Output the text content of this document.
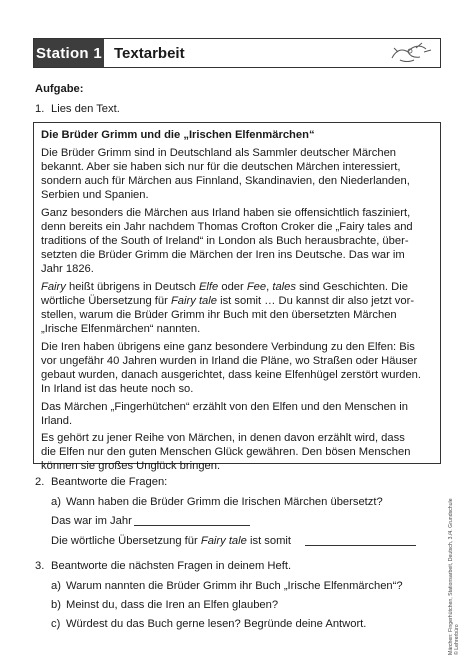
Station 1 Textarbeit
Aufgabe:
1. Lies den Text.
Die Brüder Grimm und die „Irischen Elfenmärchen“
Die Brüder Grimm sind in Deutschland als Sammler deutscher Märchen
bekannt. Aber sie haben sich nur für die deutschen Märchen interessiert,
sondern auch für Märchen aus Finnland, Skandinavien, den Niederlanden,
Serbien und Spanien.
Ganz besonders die Märchen aus Irland haben sie offensichtlich fasziniert,
denn bereits ein Jahr nachdem Thomas Crofton Croker die „Fairy tales and
traditions of the South of Ireland“ in London als Buch herausbrachte, über-
setzten die Brüder Grimm die Märchen der Iren ins Deutsche. Das war im
Jahr 1826.
Fairy heißt übrigens in Deutsch Elfe oder Fee, tales sind Geschichten. Die
wörtliche Übersetzung für Fairy tale ist somit … Du kannst dir also jetzt vor-
stellen, warum die Brüder Grimm ihr Buch mit den übersetzten Märchen
„Irische Elfenmärchen“ nannten.
Die Iren haben übrigens eine ganz besondere Verbindung zu den Elfen: Bis
vor ungefähr 40 Jahren wurden in Irland die Pläne, wo Straßen oder Häuser
gebaut wurden, danach ausgerichtet, dass keine Elfenhügel zerstört wurden.
In Irland ist das heute noch so.
Das Märchen „Fingerhütchen“ erzählt von den Elfen und den Menschen in
Irland.
Es gehört zu jener Reihe von Märchen, in denen davon erzählt wird, dass
die Elfen nur den guten Menschen Glück gewähren. Den bösen Menschen
können sie großes Unglück bringen.
2. Beantworte die Fragen:
a) Wann haben die Brüder Grimm die Irischen Märchen übersetzt?
Das war im Jahr
Die wörtliche Übersetzung für Fairy tale ist somit
3. Beantworte die nächsten Fragen in deinem Heft.
a) Warum nannten die Brüder Grimm ihr Buch „Irische Elfenmärchen“?
b) Meinst du, dass die Iren an Elfen glauben?
c) Würdest du das Buch gerne lesen? Begründe deine Antwort.	Märchen: Fingerhütchen, Stationsarbeit, Deutsch, 3./4. Grundschule © Lehrerbüro
